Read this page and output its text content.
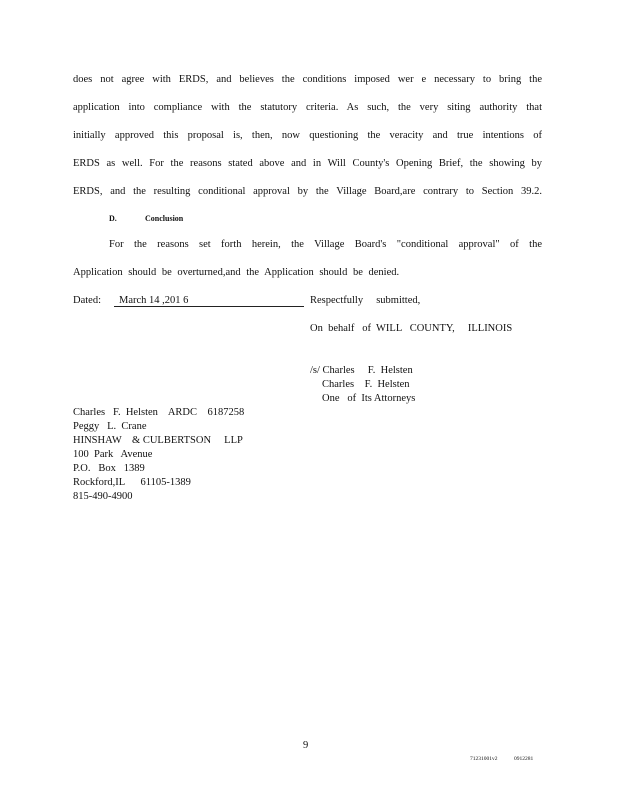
does not agree with ERDS, and believes the conditions imposed wer e necessary to bring the
application into compliance with the statutory criteria. As such, the very siting authority that
initially approved this proposal is, then, now questioning the veracity and true intentions of
ERDS as well. For the reasons stated above and in Will County's Opening Brief, the showing by
ERDS, and the resulting conditional approval by the Village Board,are contrary to Section 39.2.
D.	Conclusion
For the reasons set forth herein, the Village Board's "conditional approval" of the
Application should be overturned,and the Application should be denied.
Dated:	March 14 ,201 6	Respectfully     submitted,
On  behalf   of  WILL   COUNTY,     ILLINOIS
/s/ Charles     F.  Helsten
Charles    F.  Helsten
One   of  Its Attorneys
Charles   F.  Helsten    ARDC    6187258
Peggy   L.  Crane
HINSHAW    & CULBERTSON     LLP
100  Park   Avenue
P.O.   Box   1389
Rockford,IL      61105-1389
815-490-4900
9
71231001v2	0912281
